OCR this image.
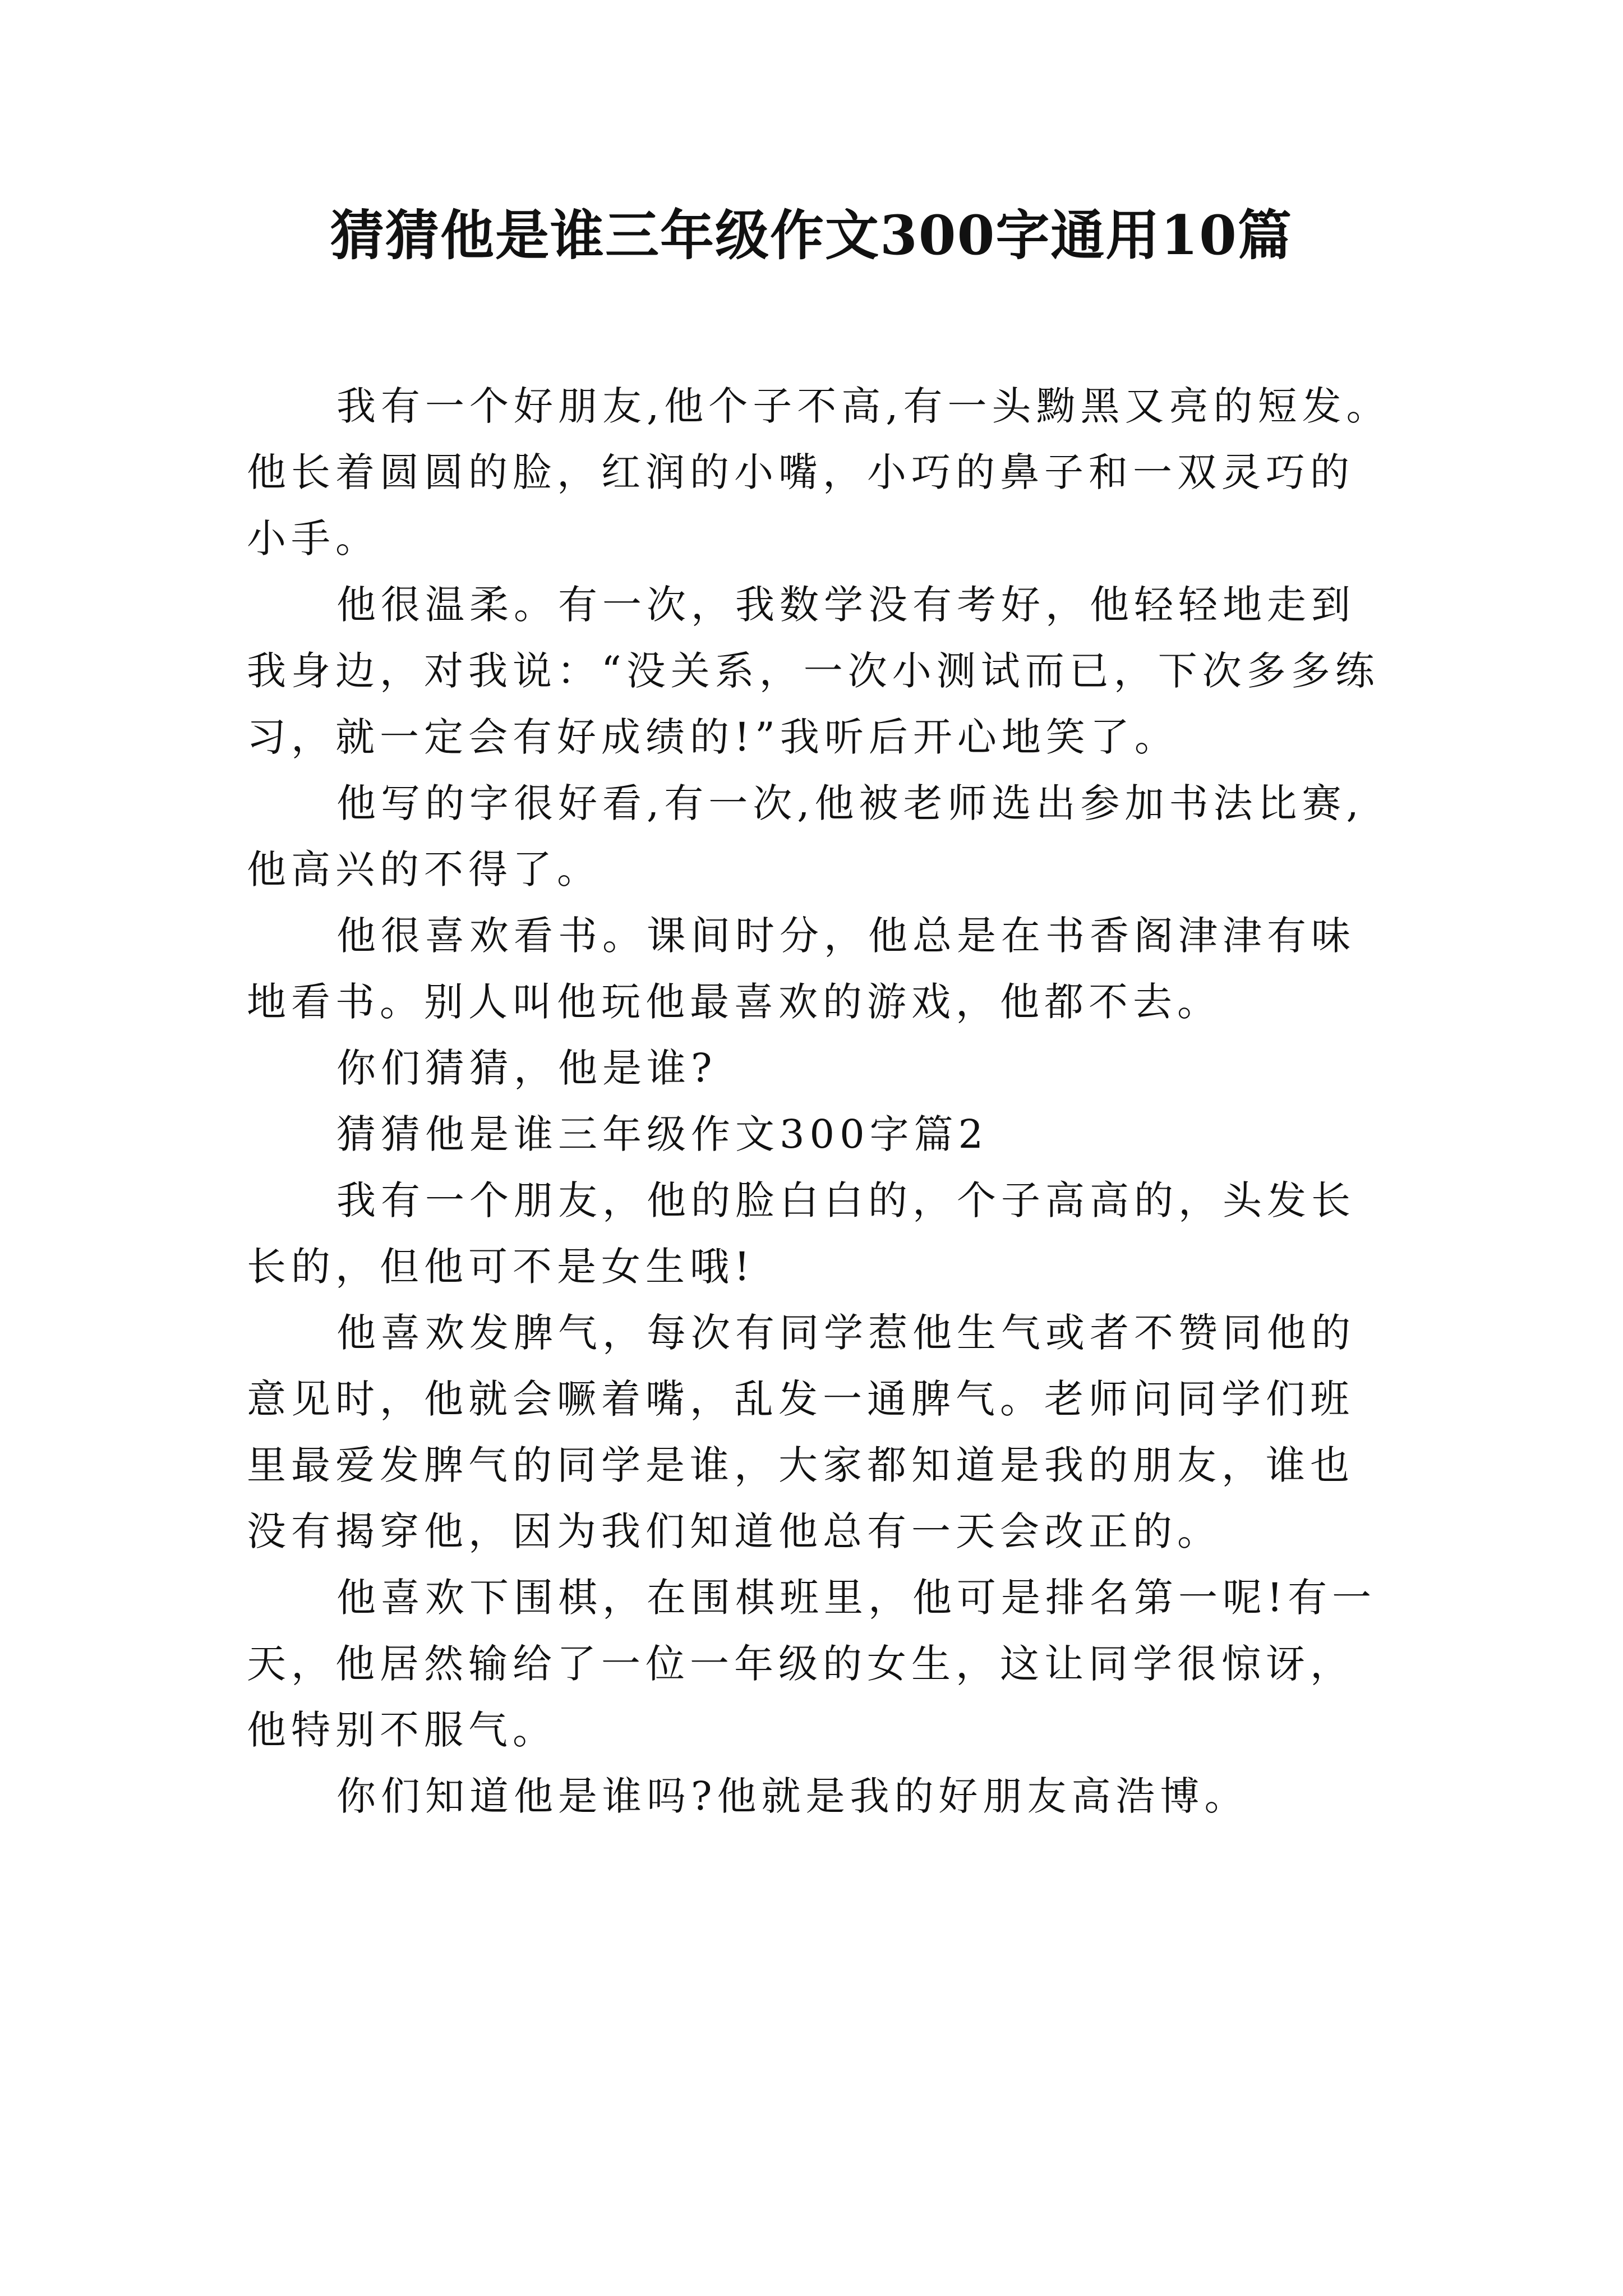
猜猜他是谁三年级作文300字通用10篇

我有一个好朋友,他个子不高,有一头黝黑又亮的短发。他长着圆圆的脸，红润的小嘴，小巧的鼻子和一双灵巧的小手。

他很温柔。有一次，我数学没有考好，他轻轻地走到我身边，对我说：“没关系，一次小测试而已，下次多多练习，就一定会有好成绩的!”我听后开心地笑了。

他写的字很好看,有一次,他被老师选出参加书法比赛,他高兴的不得了。

他很喜欢看书。课间时分，他总是在书香阁津津有味地看书。别人叫他玩他最喜欢的游戏，他都不去。

你们猜猜，他是谁?

猜猜他是谁三年级作文300字篇2

我有一个朋友，他的脸白白的，个子高高的，头发长长的，但他可不是女生哦!

他喜欢发脾气，每次有同学惹他生气或者不赞同他的意见时，他就会噘着嘴，乱发一通脾气。老师问同学们班里最爱发脾气的同学是谁，大家都知道是我的朋友，谁也没有揭穿他，因为我们知道他总有一天会改正的。

他喜欢下围棋，在围棋班里，他可是排名第一呢!有一天，他居然输给了一位一年级的女生，这让同学很惊讶，他特别不服气。

你们知道他是谁吗?他就是我的好朋友高浩博。
